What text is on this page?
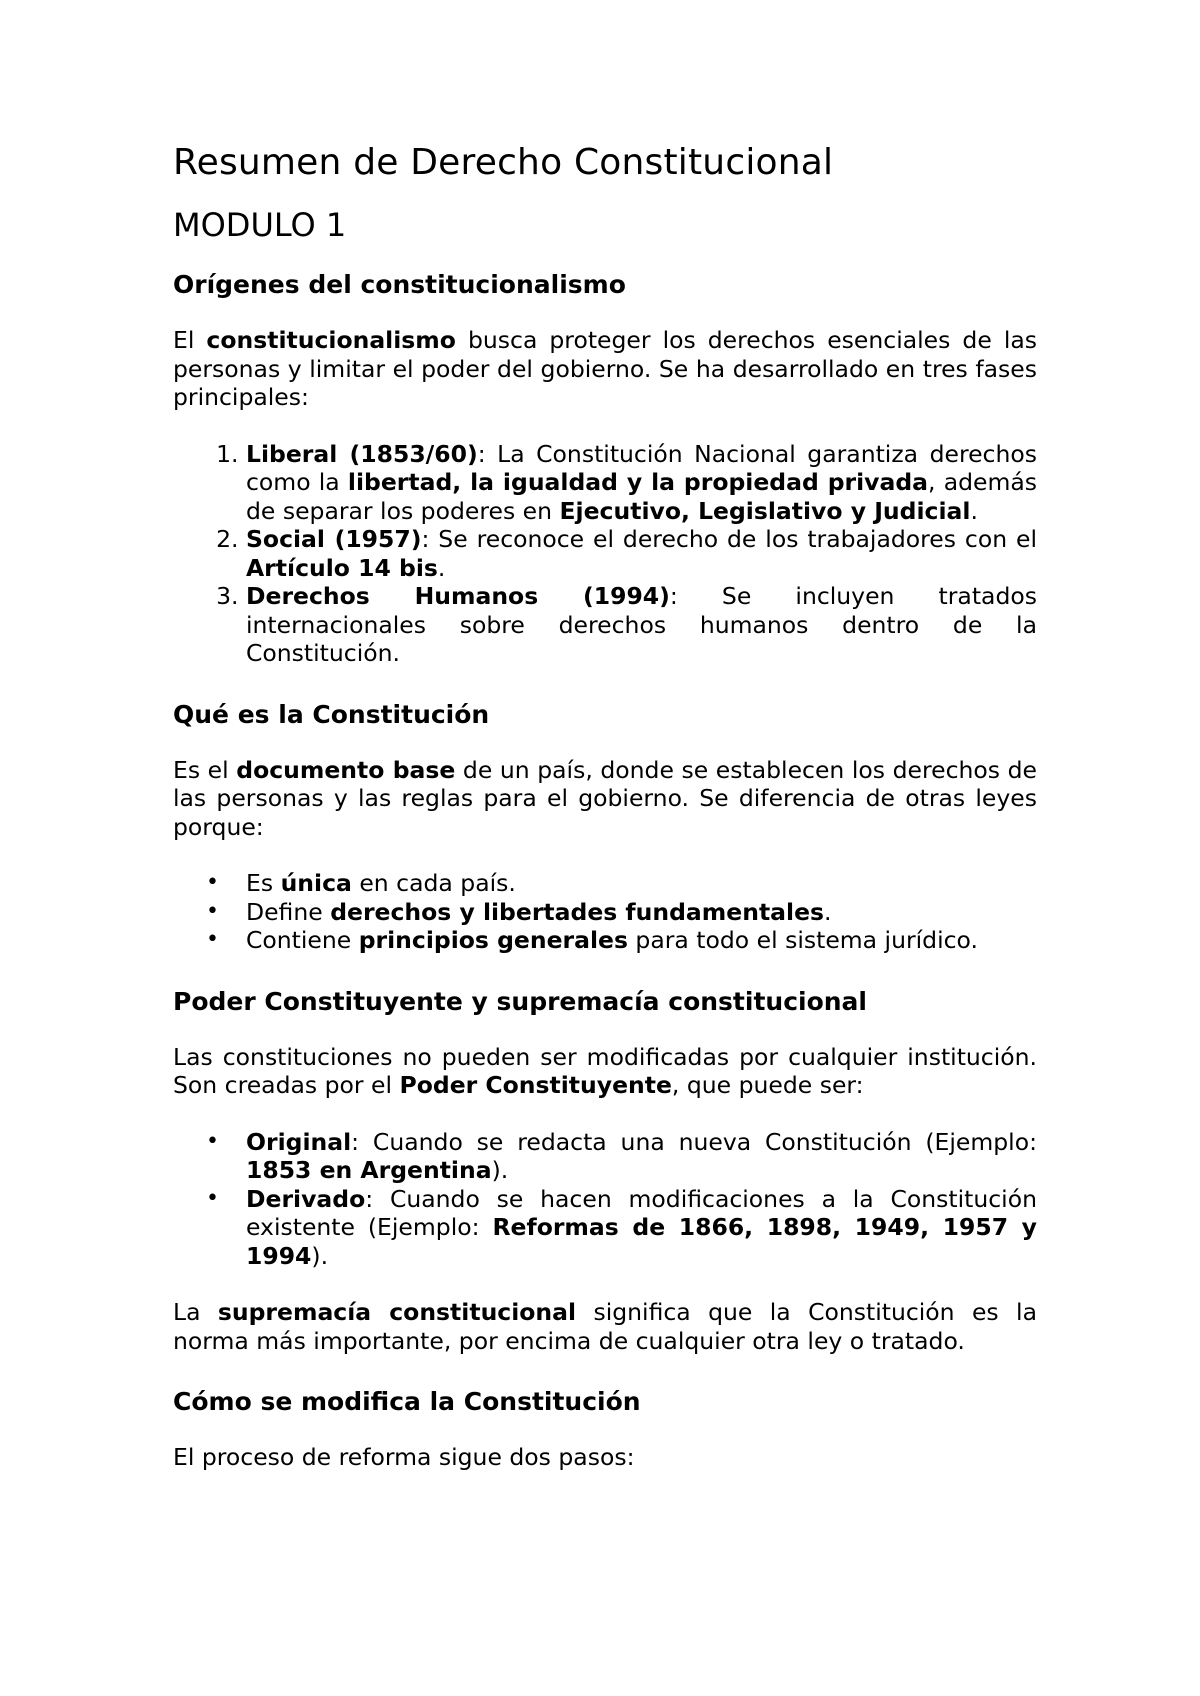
Resumen de Derecho Constitucional
MODULO 1
Orígenes del constitucionalismo

El constitucionalismo busca proteger los derechos esenciales de las personas y limitar el poder del gobierno. Se ha desarrollado en tres fases principales:

1. Liberal (1853/60): La Constitución Nacional garantiza derechos como la libertad, la igualdad y la propiedad privada, además de separar los poderes en Ejecutivo, Legislativo y Judicial.
2. Social (1957): Se reconoce el derecho de los trabajadores con el Artículo 14 bis.
3. Derechos Humanos (1994): Se incluyen tratados internacionales sobre derechos humanos dentro de la Constitución.
Qué es la Constitución

Es el documento base de un país, donde se establecen los derechos de las personas y las reglas para el gobierno. Se diferencia de otras leyes porque:

• Es única en cada país.
• Define derechos y libertades fundamentales.
• Contiene principios generales para todo el sistema jurídico.
Poder Constituyente y supremacía constitucional

Las constituciones no pueden ser modificadas por cualquier institución. Son creadas por el Poder Constituyente, que puede ser:

• Original: Cuando se redacta una nueva Constitución (Ejemplo: 1853 en Argentina).
• Derivado: Cuando se hacen modificaciones a la Constitución existente (Ejemplo: Reformas de 1866, 1898, 1949, 1957 y 1994).

La supremacía constitucional significa que la Constitución es la norma más importante, por encima de cualquier otra ley o tratado.

Cómo se modifica la Constitución

El proceso de reforma sigue dos pasos:
